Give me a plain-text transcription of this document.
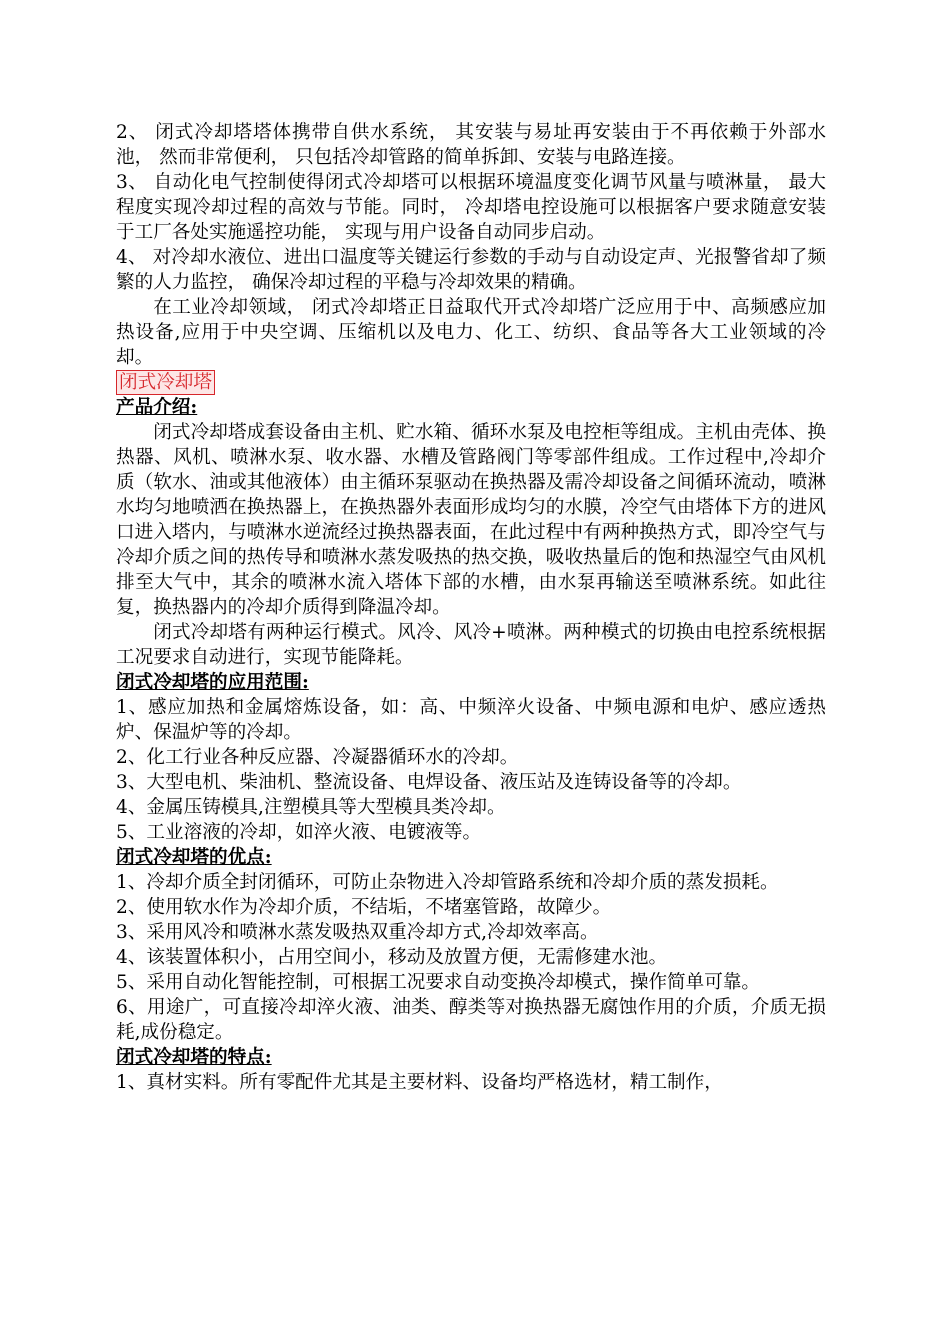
2、 闭式冷却塔塔体携带自供水系统， 其安装与易址再安装由于不再依赖于外部水池， 然而非常便利， 只包括冷却管路的简单拆卸、安装与电路连接。

3、 自动化电气控制使得闭式冷却塔可以根据环境温度变化调节风量与喷淋量， 最大程度实现冷却过程的高效与节能。同时， 冷却塔电控设施可以根据客户要求随意安装于工厂各处实施遥控功能， 实现与用户设备自动同步启动。

4、 对冷却水液位、进出口温度等关键运行参数的手动与自动设定声、光报警省却了频繁的人力监控， 确保冷却过程的平稳与冷却效果的精确。

在工业冷却领域， 闭式冷却塔正日益取代开式冷却塔广泛应用于中、高频感应加热设备,应用于中央空调、压缩机以及电力、化工、纺织、食品等各大工业领域的冷却。

闭式冷却塔

产品介绍:

闭式冷却塔成套设备由主机、贮水箱、循环水泵及电控柜等组成。主机由壳体、换热器、风机、喷淋水泵、收水器、水槽及管路阀门等零部件组成。工作过程中,冷却介质（软水、油或其他液体）由主循环泵驱动在换热器及需冷却设备之间循环流动，喷淋水均匀地喷洒在换热器上，在换热器外表面形成均匀的水膜，冷空气由塔体下方的进风口进入塔内，与喷淋水逆流经过换热器表面，在此过程中有两种换热方式，即冷空气与冷却介质之间的热传导和喷淋水蒸发吸热的热交换，吸收热量后的饱和热湿空气由风机排至大气中，其余的喷淋水流入塔体下部的水槽，由水泵再输送至喷淋系统。如此往复，换热器内的冷却介质得到降温冷却。

闭式冷却塔有两种运行模式。风冷、风冷+喷淋。两种模式的切换由电控系统根据工况要求自动进行，实现节能降耗。

闭式冷却塔的应用范围:

1、感应加热和金属熔炼设备，如：高、中频淬火设备、中频电源和电炉、感应透热炉、保温炉等的冷却。

2、化工行业各种反应器、冷凝器循环水的冷却。

3、大型电机、柴油机、整流设备、电焊设备、液压站及连铸设备等的冷却。

4、金属压铸模具,注塑模具等大型模具类冷却。

5、工业溶液的冷却，如淬火液、电镀液等。

闭式冷却塔的优点:

1、冷却介质全封闭循环，可防止杂物进入冷却管路系统和冷却介质的蒸发损耗。

2、使用软水作为冷却介质，不结垢，不堵塞管路，故障少。

3、采用风冷和喷淋水蒸发吸热双重冷却方式,冷却效率高。

4、该装置体积小，占用空间小，移动及放置方便，无需修建水池。

5、采用自动化智能控制，可根据工况要求自动变换冷却模式，操作简单可靠。

6、用途广，可直接冷却淬火液、油类、醇类等对换热器无腐蚀作用的介质，介质无损耗,成份稳定。

闭式冷却塔的特点:

1、真材实料。所有零配件尤其是主要材料、设备均严格选材，精工制作，
